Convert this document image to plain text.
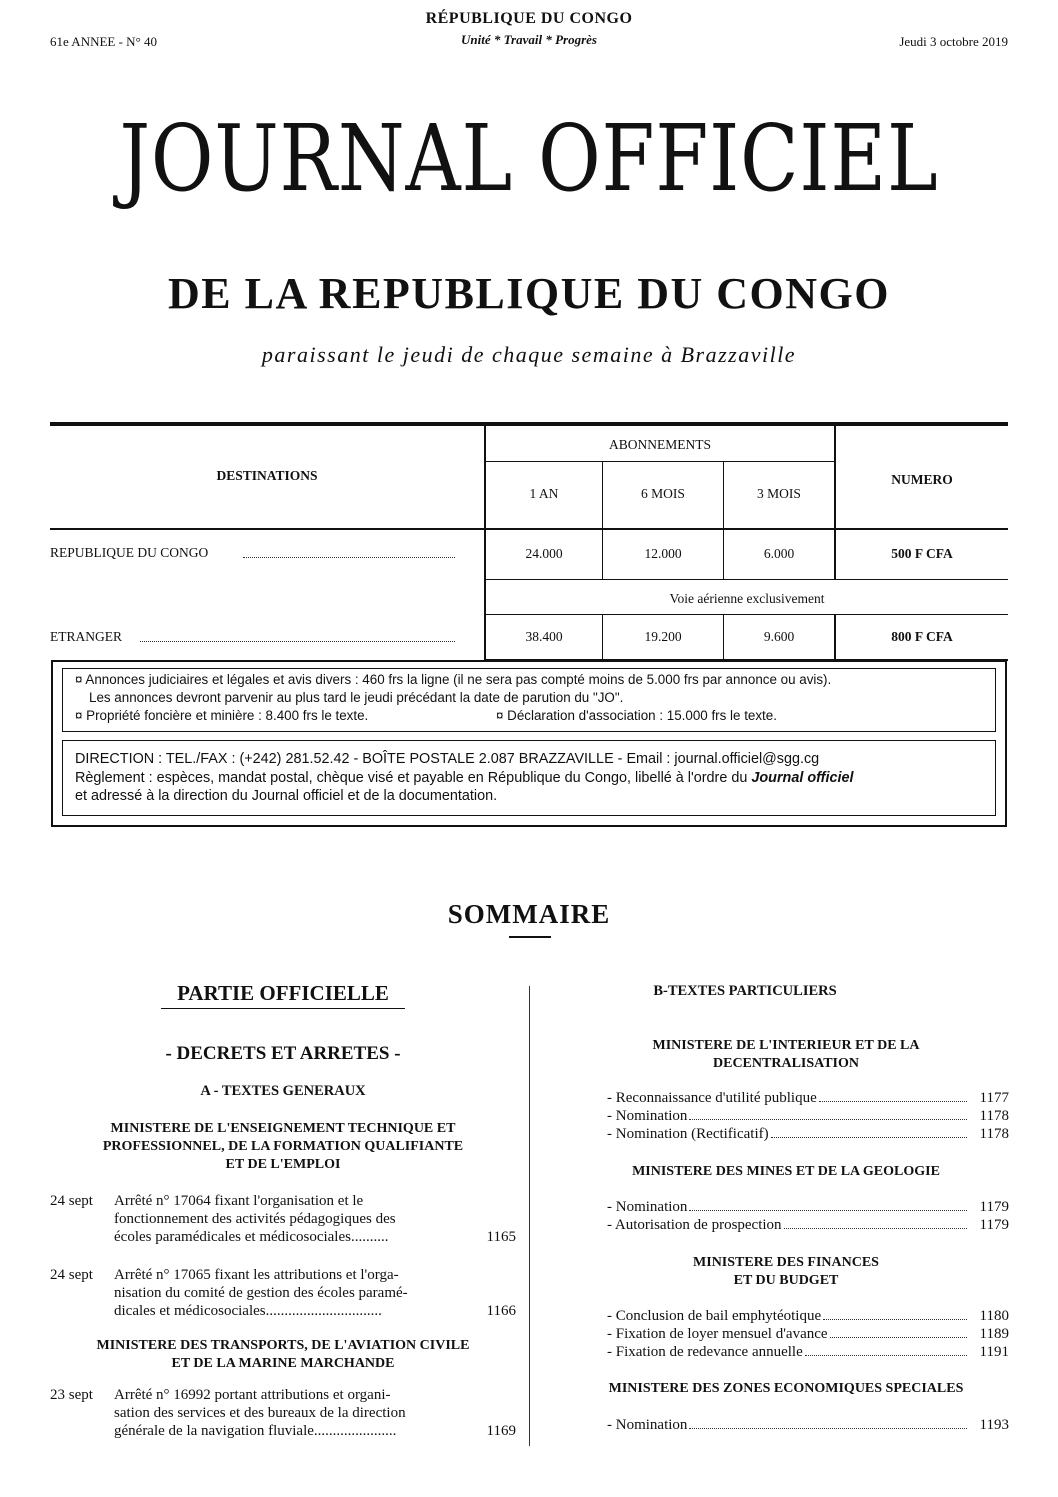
61e ANNEE - N° 40
RÉPUBLIQUE DU CONGO
Unité * Travail * Progrès	Jeudi 3 octobre 2019
JOURNAL OFFICIEL
DE LA REPUBLIQUE DU CONGO
paraissant le jeudi de chaque semaine à Brazzaville
DESTINATIONS
ABONNEMENTS
1 AN	6 MOIS	3 MOIS
NUMERO
REPUBLIQUE DU CONGO	24.000	12.000	6.000	500 F CFA
Voie aérienne exclusivement
ETRANGER	38.400	19.200	9.600	800 F CFA
¤ Annonces judiciaires et légales et avis divers : 460 frs la ligne (il ne sera pas compté moins de 5.000 frs par annonce ou avis).
Les annonces devront parvenir au plus tard le jeudi précédant la date de parution du "JO".
¤ Propriété foncière et minière : 8.400 frs le texte.	¤ Déclaration d'association : 15.000 frs le texte.
DIRECTION : TEL./FAX : (+242) 281.52.42 - BOÎTE POSTALE 2.087 BRAZZAVILLE - Email : journal.officiel@sgg.cg
Règlement : espèces, mandat postal, chèque visé et payable en République du Congo, libellé à l'ordre du Journal officiel
et adressé à la direction du Journal officiel et de la documentation.
SOMMAIRE
PARTIE OFFICIELLE
- DECRETS ET ARRETES -
A - TEXTES GENERAUX
MINISTERE DE L'ENSEIGNEMENT TECHNIQUE ET
PROFESSIONNEL, DE LA FORMATION QUALIFIANTE
ET DE L'EMPLOI
24 sept Arrêté n° 17064 fixant l'organisation et le
fonctionnement des activités pédagogiques des
écoles paramédicales et médicosociales..........	1165
24 sept Arrêté n° 17065 fixant les attributions et l'orga-
nisation du comité de gestion des écoles paramé-
dicales et médicosociales...............................	1166
MINISTERE DES TRANSPORTS, DE L'AVIATION CIVILE
ET DE LA MARINE MARCHANDE
23 sept Arrêté n° 16992 portant attributions et organi-
sation des services et des bureaux de la direction
générale de la navigation fluviale......................	1169
B-TEXTES PARTICULIERS
MINISTERE DE L'INTERIEUR ET DE LA
DECENTRALISATION
- Reconnaissance d'utilité publique	1177
- Nomination	1178
- Nomination (Rectificatif)	1178
MINISTERE DES MINES ET DE LA GEOLOGIE
- Nomination	1179
- Autorisation de prospection	1179
MINISTERE DES FINANCES
ET DU BUDGET
- Conclusion de bail emphytéotique	1180
- Fixation de loyer mensuel d'avance	1189
- Fixation de redevance annuelle	1191
MINISTERE DES ZONES ECONOMIQUES SPECIALES
- Nomination	1193
